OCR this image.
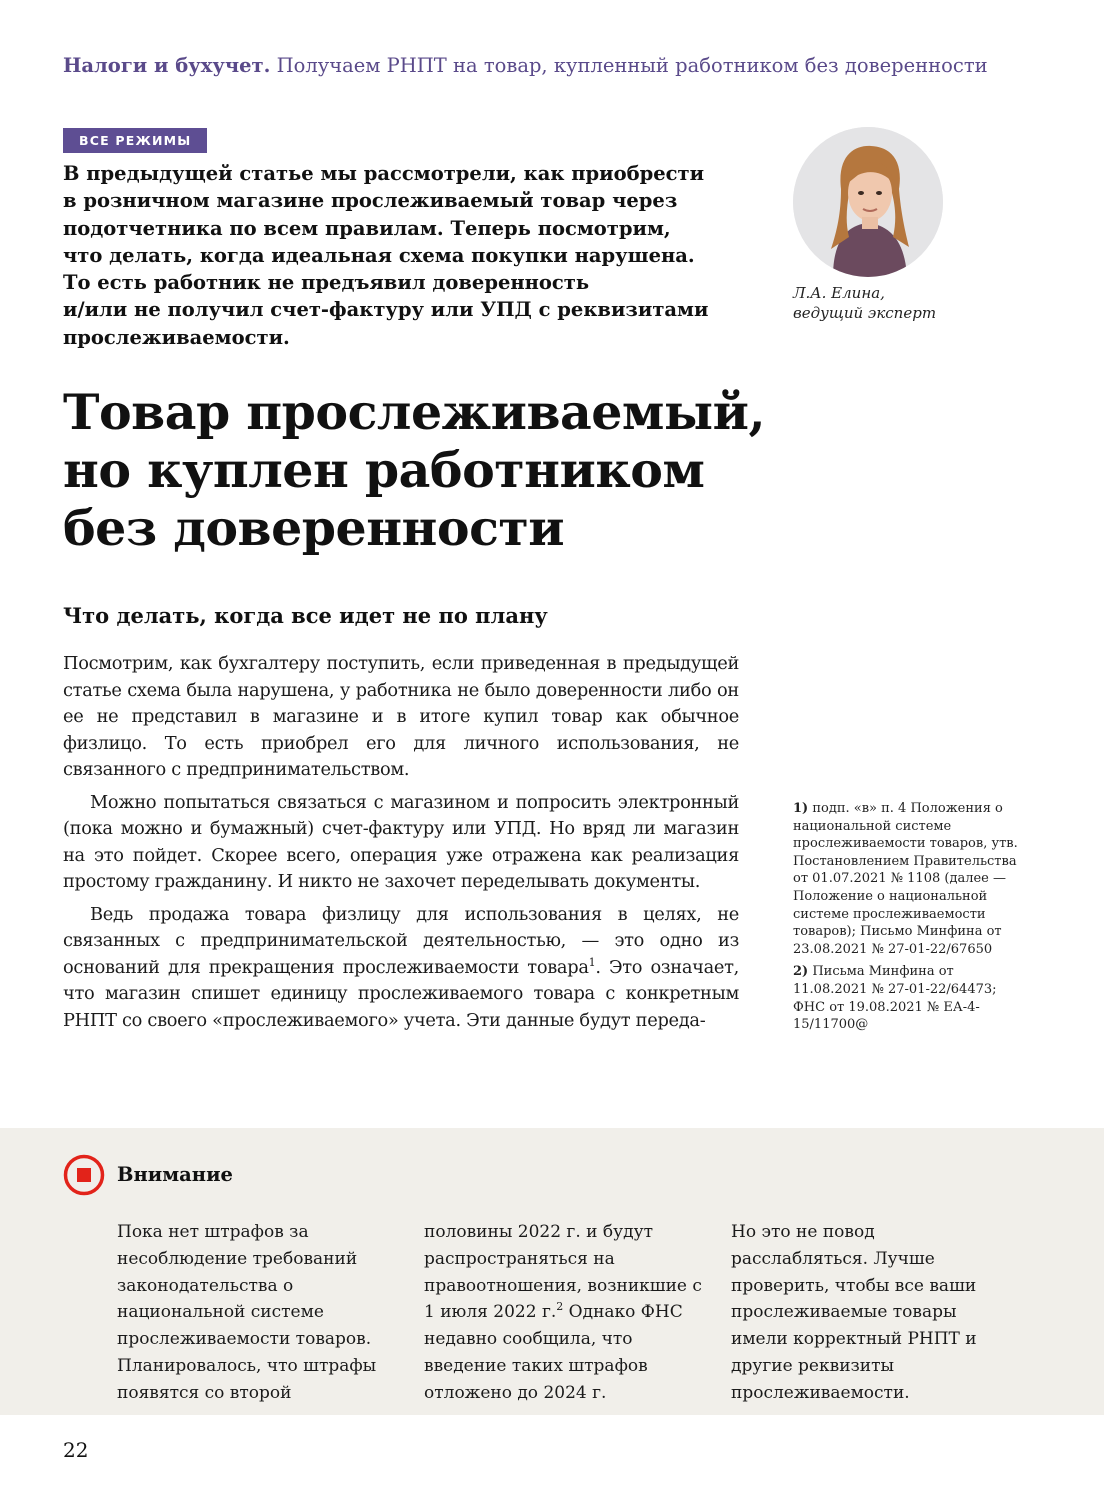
Налоги и бухучет. Получаем РНПТ на товар, купленный работником без доверенности
ВСЕ РЕЖИМЫ
В предыдущей статье мы рассмотрели, как приобрести
в розничном магазине прослеживаемый товар через
подотчетника по всем правилам. Теперь посмотрим,
что делать, когда идеальная схема покупки нарушена.
То есть работник не предъявил доверенность
и/или не получил счет-фактуру или УПД с реквизитами
прослеживаемости.
Л.А. Елина,
ведущий эксперт
Товар прослеживаемый,
но куплен работником
без доверенности
Что делать, когда все идет не по плану

Посмотрим, как бухгалтеру поступить, если приведенная в предыдущей статье схема была нарушена, у работника не было доверенности либо он ее не представил в магазине и в итоге купил товар как обычное физлицо. То есть приобрел его для личного использования, не связанного с предпринимательством.

Можно попытаться связаться с магазином и попросить электронный (пока можно и бумажный) счет-фактуру или УПД. Но вряд ли магазин на это пойдет. Скорее всего, операция уже отражена как реализация простому гражданину. И никто не захочет переделывать документы.

Ведь продажа товара физлицу для использования в целях, не связанных с предпринимательской деятельностью, — это одно из оснований для прекращения прослеживаемости товара$^1$. Это означает, что магазин спишет единицу прослеживаемого товара с конкретным РНПТ со своего «прослеживаемого» учета. Эти данные будут переда-

1) подп. «в» п. 4 Положения о национальной системе прослеживаемости товаров, утв. Постановлением Правительства от 01.07.2021 № 1108 (далее — Положение о национальной системе прослеживаемости товаров); Письмо Минфина от 23.08.2021 № 27-01-22/67650

2) Письма Минфина от 11.08.2021 № 27-01-22/64473; ФНС от 19.08.2021 № ЕА-4-15/11700@

Внимание
Пока нет штрафов за несоблюдение требований законодательства о национальной системе прослеживаемости товаров. Планировалось, что штрафы появятся со второй
половины 2022 г. и будут распространяться на правоотношения, возникшие с 1 июля 2022 г.$^2$ Однако ФНС недавно сообщила, что введение таких штрафов отложено до 2024 г.
Но это не повод расслабляться. Лучше проверить, чтобы все ваши прослеживаемые товары имели корректный РНПТ и другие реквизиты прослеживаемости.
22
